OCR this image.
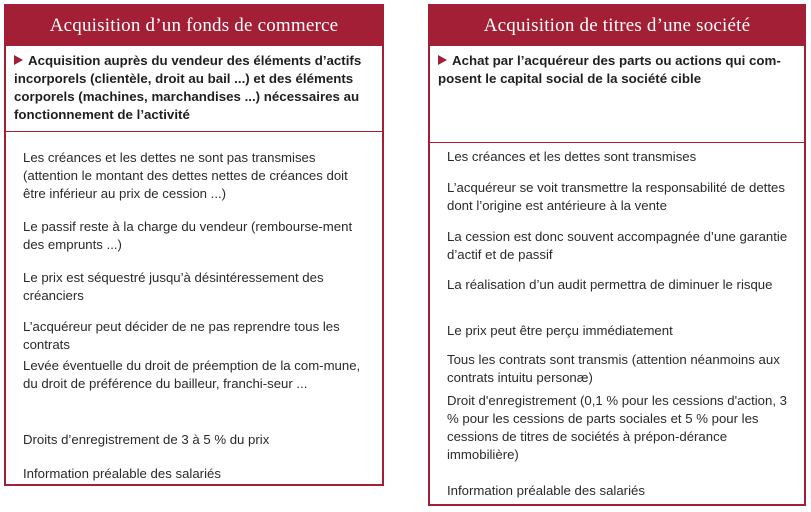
Acquisition d’un fonds de commerce
Acquisition auprès du vendeur des éléments d’actifs incorporels (clientèle, droit au bail ...) et des éléments corporels (machines, marchandises ...) nécessaires au fonctionnement de l’activité
Les créances et les dettes ne sont pas transmises (attention le montant des dettes nettes de créances doit être inférieur au prix de cession ...)
Le passif reste à la charge du vendeur (rembourse-ment des emprunts ...)
Le prix est séquestré jusqu’à désintéressement des créanciers
L’acquéreur peut décider de ne pas reprendre tous les contrats
Levée éventuelle du droit de préemption de la com-mune, du droit de préférence du bailleur, franchi-seur ...
Droits d’enregistrement de 3 à 5 % du prix
Information préalable des salariés
Acquisition de titres d’une société
Achat par l’acquéreur des parts ou actions qui com-posent le capital social de la société cible
Les créances et les dettes sont transmises
L’acquéreur se voit transmettre la responsabilité de dettes dont l’origine est antérieure à la vente
La cession est donc souvent accompagnée d’une garantie d’actif et de passif
La réalisation d’un audit permettra de diminuer le risque
Le prix peut être perçu immédiatement
Tous les contrats sont transmis (attention néanmoins aux contrats intuitu personæ)
Droit d'enregistrement (0,1 % pour les cessions d'action, 3 % pour les cessions de parts sociales et 5 % pour les cessions de titres de sociétés à prépon-dérance immobilière)
Information préalable des salariés
